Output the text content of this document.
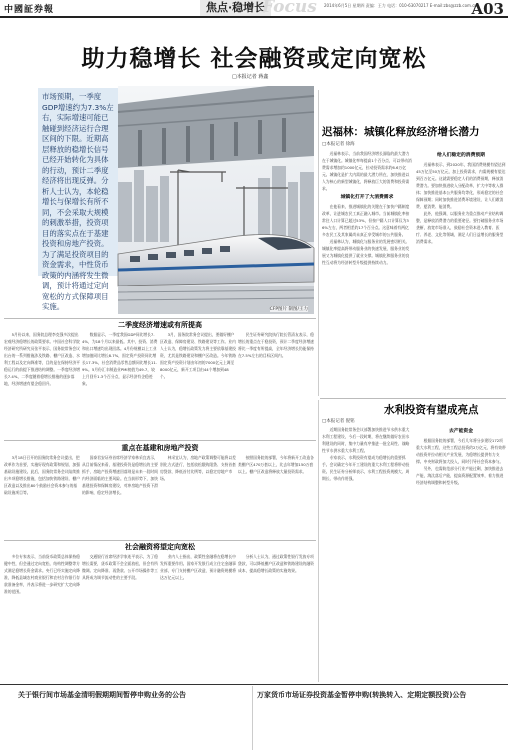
中國証券報	焦点·稳增长
Focus 2014年6月5日 星期四 责编：王力 电话：010-63070217 E-mail:zbs@zzb.com.cn
A03
助力稳增长 社会融资或定向宽松
□本报记者 蒋鑫
市场预期，一季度GDP增速约为7.3%左右，实际增速可能已触碰到经济运行合理区间的下限。近期高层释放的稳增长信号已经开始转化为具体的行动，预计二季度经济将出现反弹。分析人士认为，本轮稳增长与保增长有所不同，不会采取大规模的刺激举措，投资项目的落实点在于基建投资和房地产投资。为了满足投资项目的资金需求，中性货币政策的内涵将发生微调，预计将通过定向宽松的方式保障项目实施。	CFP图片 制图/王力
迟福林：城镇化释放经济增长潜力
□本报记者 徐海

迟福林表示，当前我国经济增长面临的最大潜力在于城镇化。城镇化率每提高1个百分点，可以带动消费需求增加约1000亿元，拉动投资需求约6.6万亿元。城镇化是扩大内需的最大潜力所在，加快推进以人为核心的新型城镇化，将释放巨大的消费和投资需求。

城镇化打开了大消费需求

在他看来，推进城镇化的关键在于加快户籍制度改革，让进城农民工真正融入城市。当前城镇化率按常住人口计算已超过53%，但按户籍人口计算仅为36%左右，两者相差约17个百分点。这意味着有两亿多农民工及其家属尚未真正享受城市的公共服务。

迟福林认为，城镇化与服务业的发展密切相关。城镇化率提高将带动服务业的快速发展，服务业的发展又为城镇化提供了就业支撑。城镇化和服务业的良性互动将为经济转型升级提供持续动力。

给人们稳定的消费预期

迟福林表示，到2020年，我国消费规模有望达到45万亿至50万亿元，加上投资需求，内需规模有望达到百万亿元。这就需要稳定人们的消费预期，释放消费潜力。要加快推进收入分配改革，扩大中等收入群体；加快推进基本公共服务均等化，形成稳定的社会保障预期；同时加快推进消费环境建设，让人们敢消费、愿消费、能消费。

此外，他强调，以服务业为重点推动产业结构调整，是释放消费潜力的重要途径。要打破服务业市场垄断，放宽市场准入，鼓励社会资本进入教育、医疗、养老、文化等领域，满足人们日益增长的服务型消费需求。

二季度经济增速或有所提高

5月份以来，国务院总理李克强多次提出宏观经济稳增长的政策要求。中国社会科学院经济研究所研究员张平表示，国务院常务会议出台的一系列措施涉及铁路、棚户区改造、水利工程以及定向降准等，目的是在保持经济平稳运行的前提下推进结构调整。一季度经济增长7.4%，二季度随着稳增长措施的逐步落地，经济增速有望企稳回升。

数据显示，一季度我国GDP同比增长7.4%，为18个月以来最低。其中，投资、消费和出口增速均出现回落。4月份规模以上工业增加值同比增长8.7%，固定资产投资同比增长17.3%，社会消费品零售总额同比增长11.9%。5月份汇丰制造业PMI初值为49.7，较上月回升1.3个百分点，显示经济有企稳迹象。

3月，国务院常务会议提出，要做好棚户区改造、保障房建设、铁路建设等工作。业内人士认为，稳增长政策发力将主要依靠基建投资，尤其是铁路建设和棚户区改造。今年铁路固定资产投资计划由年初的7000亿元上调至8000亿元，新开工项目由44个增加到48个。

民生证券研究院执行院长管清友表示，稳增长的重点在于稳投资，预计二季度经济增速将比一季度有所提高，全年经济增长仍能保持在7.5%左右的目标区间内。

重点在基建和房地产投资

3月18日召开的国务院常务会议提出，把改革作为首要，实施好现有政策和规划，加强基础设施建设。此后，国务院常务会议陆续推出多项稳增长措施，包括加快铁路建设、棚户区改造以及推出80个鼓励社会资本参与的基础设施项目等。

国泰君安证券首席经济学家林采宜表示，从目前情况来看，基建投资仍是稳增长的主要抓手，房地产投资增速回落则是未来一段时间内经济面临的主要风险。在当前形势下，加快基建投资和保障房建设，对冲房地产投资下滑的影响，稳定经济增长。

林采宜认为，房地产政策调整可能将以差别化方式进行，包括放松限购限贷、支持首套房贷款、降低首付比例等，以稳定房地产市场。

按照国务院的部署，今年将新开工改造各类棚户区470万套以上，比去年增加150万套以上。棚户区改造将释放大量投资需求。

社会融资将望定向宽松

多位专家表示，当前货币政策总体保持稳健中性，但会通过定向宽松、结构性调整等方式满足稳增长资金需求。央行已经实施定向降准，降低县域农村商业银行和农村合作银行存款准备金率，并表示将进一步研究扩大定向降准的范围。

交通银行首席经济学家连平表示，为了稳增长需要，货币政策不会全面放松，但会有所微调。定向降准、再贷款、公开市场操作等工具将成为调节流动性的主要手段。

业内人士指出，政策性金融将在稳增长中发挥重要作用。国家开发银行成立住宅金融事业部，专门支持棚户区改造，预计融资规模将达万亿元以上。

分析人士认为，通过政策性银行发放专项贷款，可以降低棚户区改造和铁路建设的融资成本，提高稳增长政策的实施效果。

水利投资有望成亮点
□本报记者 倪铭

近期国务院常务会议部署加快推进节水供水重大水利工程建设，今后一段时期，将在继续做好农田水利建设的同时，集中力量有序推进一批全局性、战略性节水供水重大水利工程。

专家表示，水利投资有望成为稳增长的重要抓手。会议确定今年开工建设的重大水利工程将带动投资。民生证券分析师表示，水利工程投资规模大、周期长、带动作用强。

去产能资金

根据国务院的部署，今后几年将分步建设172项重大水利工程，这些工程总投资约2万亿元，将有效带动投资并拉动相关产业发展，为稳增长提供有力支撑。中央财政将加大投入，同时引导社会资本参与。

另外，也需防范部分行业产能过剩，加快推进去产能，淘汰落后产能，提高资源配置效率，着力推进经济结构调整和转型升级。

关于银行间市场基金清明假期期间暂停申购业务的公告	万家货币市场证券投资基金暂停申购(转换转入、定期定额投资)公告
